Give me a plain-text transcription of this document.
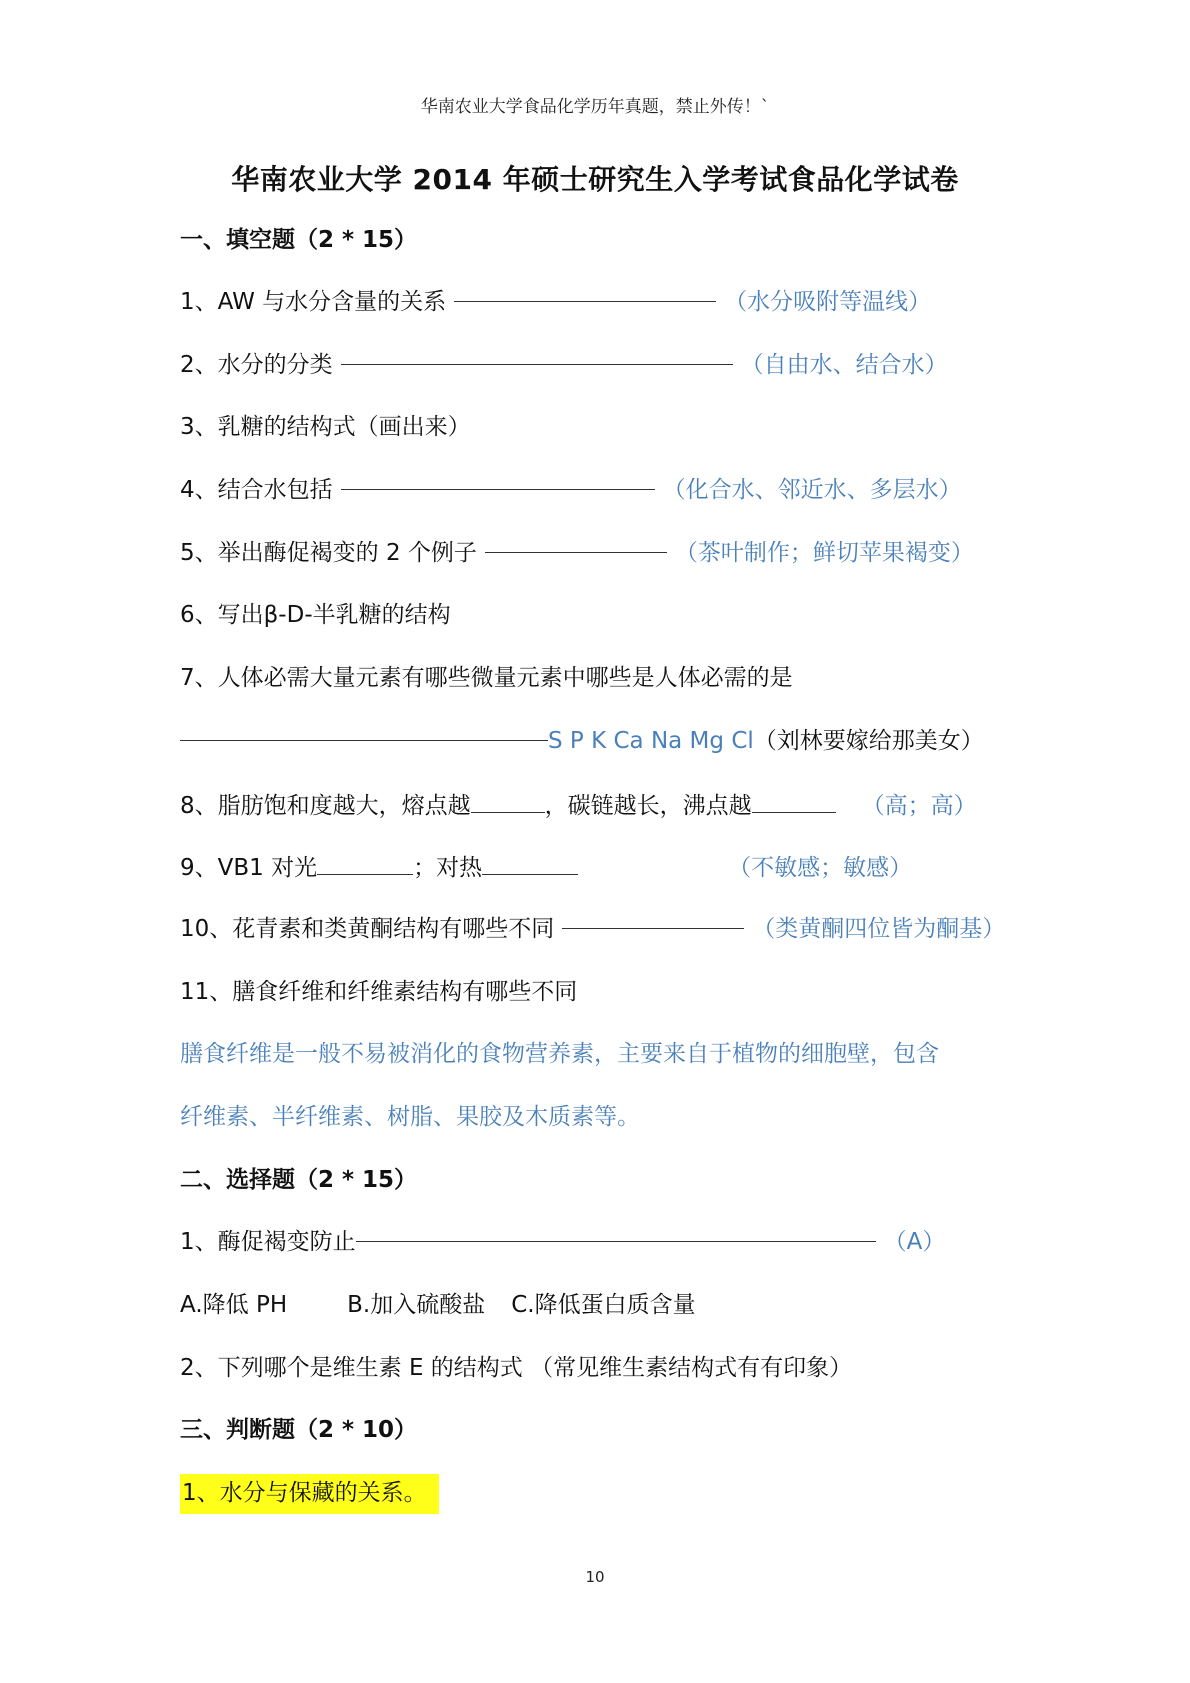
华南农业大学食品化学历年真题，禁止外传！`
华南农业大学 2014 年硕士研究生入学考试食品化学试卷
一、填空题（2 * 15）
1、AW 与水分含量的关系	（水分吸附等温线）
2、水分的分类	（自由水、结合水）
3、乳糖的结构式（画出来）
4、结合水包括	（化合水、邻近水、多层水）
5、举出酶促褐变的 2 个例子	（茶叶制作；鲜切苹果褐变）
6、写出β-D-半乳糖的结构
7、人体必需大量元素有哪些微量元素中哪些是人体必需的是
S P K Ca Na Mg Cl（刘林要嫁给那美女）
8、脂肪饱和度越大，熔点越	，碳链越长，沸点越	（高；高）
9、VB1 对光	；对热	（不敏感；敏感）
10、花青素和类黄酮结构有哪些不同	（类黄酮四位皆为酮基）
11、膳食纤维和纤维素结构有哪些不同
膳食纤维是一般不易被消化的食物营养素，主要来自于植物的细胞壁，包含
纤维素、半纤维素、树脂、果胶及木质素等。
二、选择题（2 * 15）
1、酶促褐变防止	（A）
A.降低 PH	B.加入硫酸盐 C.降低蛋白质含量
2、下列哪个是维生素 E 的结构式 （常见维生素结构式有有印象）
三、判断题（2 * 10）
1、水分与保藏的关系。
10
